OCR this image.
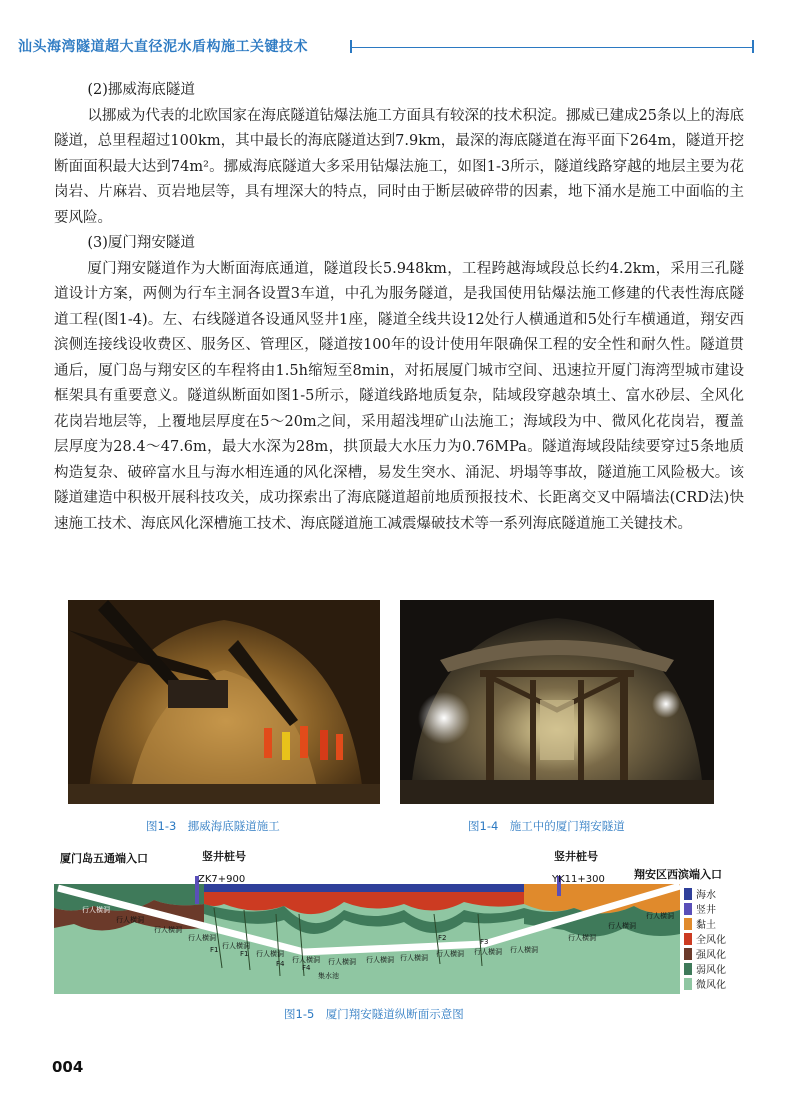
汕头海湾隧道超大直径泥水盾构施工关键技术

(2)挪威海底隧道

以挪威为代表的北欧国家在海底隧道钻爆法施工方面具有较深的技术积淀。挪威已建成25条以上的海底隧道，总里程超过100km，其中最长的海底隧道达到7.9km，最深的海底隧道在海平面下264m，隧道开挖断面面积最大达到74m²。挪威海底隧道大多采用钻爆法施工，如图1-3所示，隧道线路穿越的地层主要为花岗岩、片麻岩、页岩地层等，具有埋深大的特点，同时由于断层破碎带的因素，地下涌水是施工中面临的主要风险。

(3)厦门翔安隧道

厦门翔安隧道作为大断面海底通道，隧道段长5.948km，工程跨越海域段总长约4.2km，采用三孔隧道设计方案，两侧为行车主洞各设置3车道，中孔为服务隧道，是我国使用钻爆法施工修建的代表性海底隧道工程(图1-4)。左、右线隧道各设通风竖井1座，隧道全线共设12处行人横通道和5处行车横通道，翔安西滨侧连接线设收费区、服务区、管理区，隧道按100年的设计使用年限确保工程的安全性和耐久性。隧道贯通后，厦门岛与翔安区的车程将由1.5h缩短至8min，对拓展厦门城市空间、迅速拉开厦门海湾型城市建设框架具有重要意义。隧道纵断面如图1-5所示，隧道线路地质复杂，陆域段穿越杂填土、富水砂层、全风化花岗岩地层等，上覆地层厚度在5～20m之间，采用超浅埋矿山法施工；海域段为中、微风化花岗岩，覆盖层厚度为28.4～47.6m，最大水深为28m，拱顶最大水压力为0.76MPa。隧道海域段陆续要穿过5条地质构造复杂、破碎富水且与海水相连通的风化深槽，易发生突水、涌泥、坍塌等事故，隧道施工风险极大。该隧道建造中积极开展科技攻关，成功探索出了海底隧道超前地质预报技术、长距离交叉中隔墙法(CRD法)快速施工技术、海底风化深槽施工技术、海底隧道施工减震爆破技术等一系列海底隧道施工关键技术。

图1-3　挪威海底隧道施工	图1-4　施工中的厦门翔安隧道
厦门岛五通端入口	竖井桩号
ZK7+900
竖井桩号
YK11+300	翔安区西滨端入口
行人横洞
行人横洞
行人横洞
行人横洞
行人横洞
行人横洞
行人横洞 行人横洞 行人横洞 行人横洞 行人横洞 行人横洞 行人横洞
行人横洞
行人横洞
行人横洞
F1	F1
F4	F4
F2	F3
集水池
海水
竖井
黏土
全风化
强风化
弱风化
微风化
图1-5　厦门翔安隧道纵断面示意图
004
